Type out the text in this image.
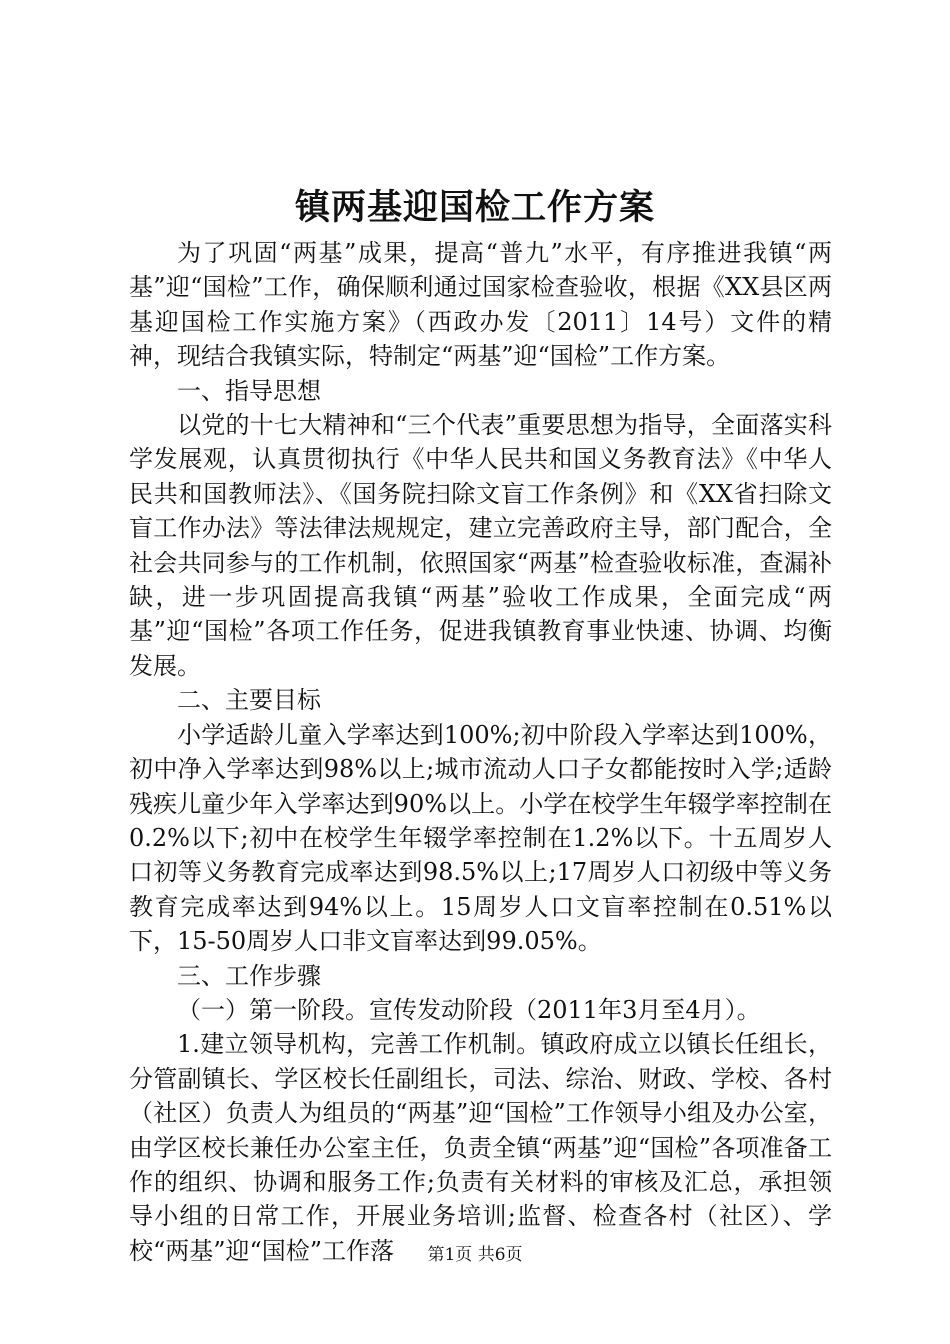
镇两基迎国检工作方案

为了巩固“两基”成果，提高“普九”水平，有序推进我镇“两基”迎“国检”工作，确保顺利通过国家检查验收，根据《XX县区两基迎国检工作实施方案》（西政办发〔2011〕14号）文件的精神，现结合我镇实际，特制定“两基”迎“国检”工作方案。

一、指导思想

以党的十七大精神和“三个代表”重要思想为指导，全面落实科学发展观，认真贯彻执行《中华人民共和国义务教育法》《中华人民共和国教师法》、《国务院扫除文盲工作条例》和《XX省扫除文盲工作办法》等法律法规规定，建立完善政府主导，部门配合，全社会共同参与的工作机制，依照国家“两基”检查验收标准，查漏补缺，进一步巩固提高我镇“两基”验收工作成果，全面完成“两基”迎“国检”各项工作任务，促进我镇教育事业快速、协调、均衡发展。

二、主要目标

小学适龄儿童入学率达到100%;初中阶段入学率达到100%，初中净入学率达到98%以上;城市流动人口子女都能按时入学;适龄残疾儿童少年入学率达到90%以上。小学在校学生年辍学率控制在0.2%以下;初中在校学生年辍学率控制在1.2%以下。十五周岁人口初等义务教育完成率达到98.5%以上;17周岁人口初级中等义务教育完成率达到94%以上。15周岁人口文盲率控制在0.51%以下，15-50周岁人口非文盲率达到99.05%。

三、工作步骤

（一）第一阶段。宣传发动阶段（2011年3月至4月）。

1.建立领导机构，完善工作机制。镇政府成立以镇长任组长，分管副镇长、学区校长任副组长，司法、综治、财政、学校、各村（社区）负责人为组员的“两基”迎“国检”工作领导小组及办公室，由学区校长兼任办公室主任，负责全镇“两基”迎“国检”各项准备工作的组织、协调和服务工作;负责有关材料的审核及汇总，承担领导小组的日常工作，开展业务培训;监督、检查各村（社区）、学校“两基”迎“国检”工作落	第1页 共6页
